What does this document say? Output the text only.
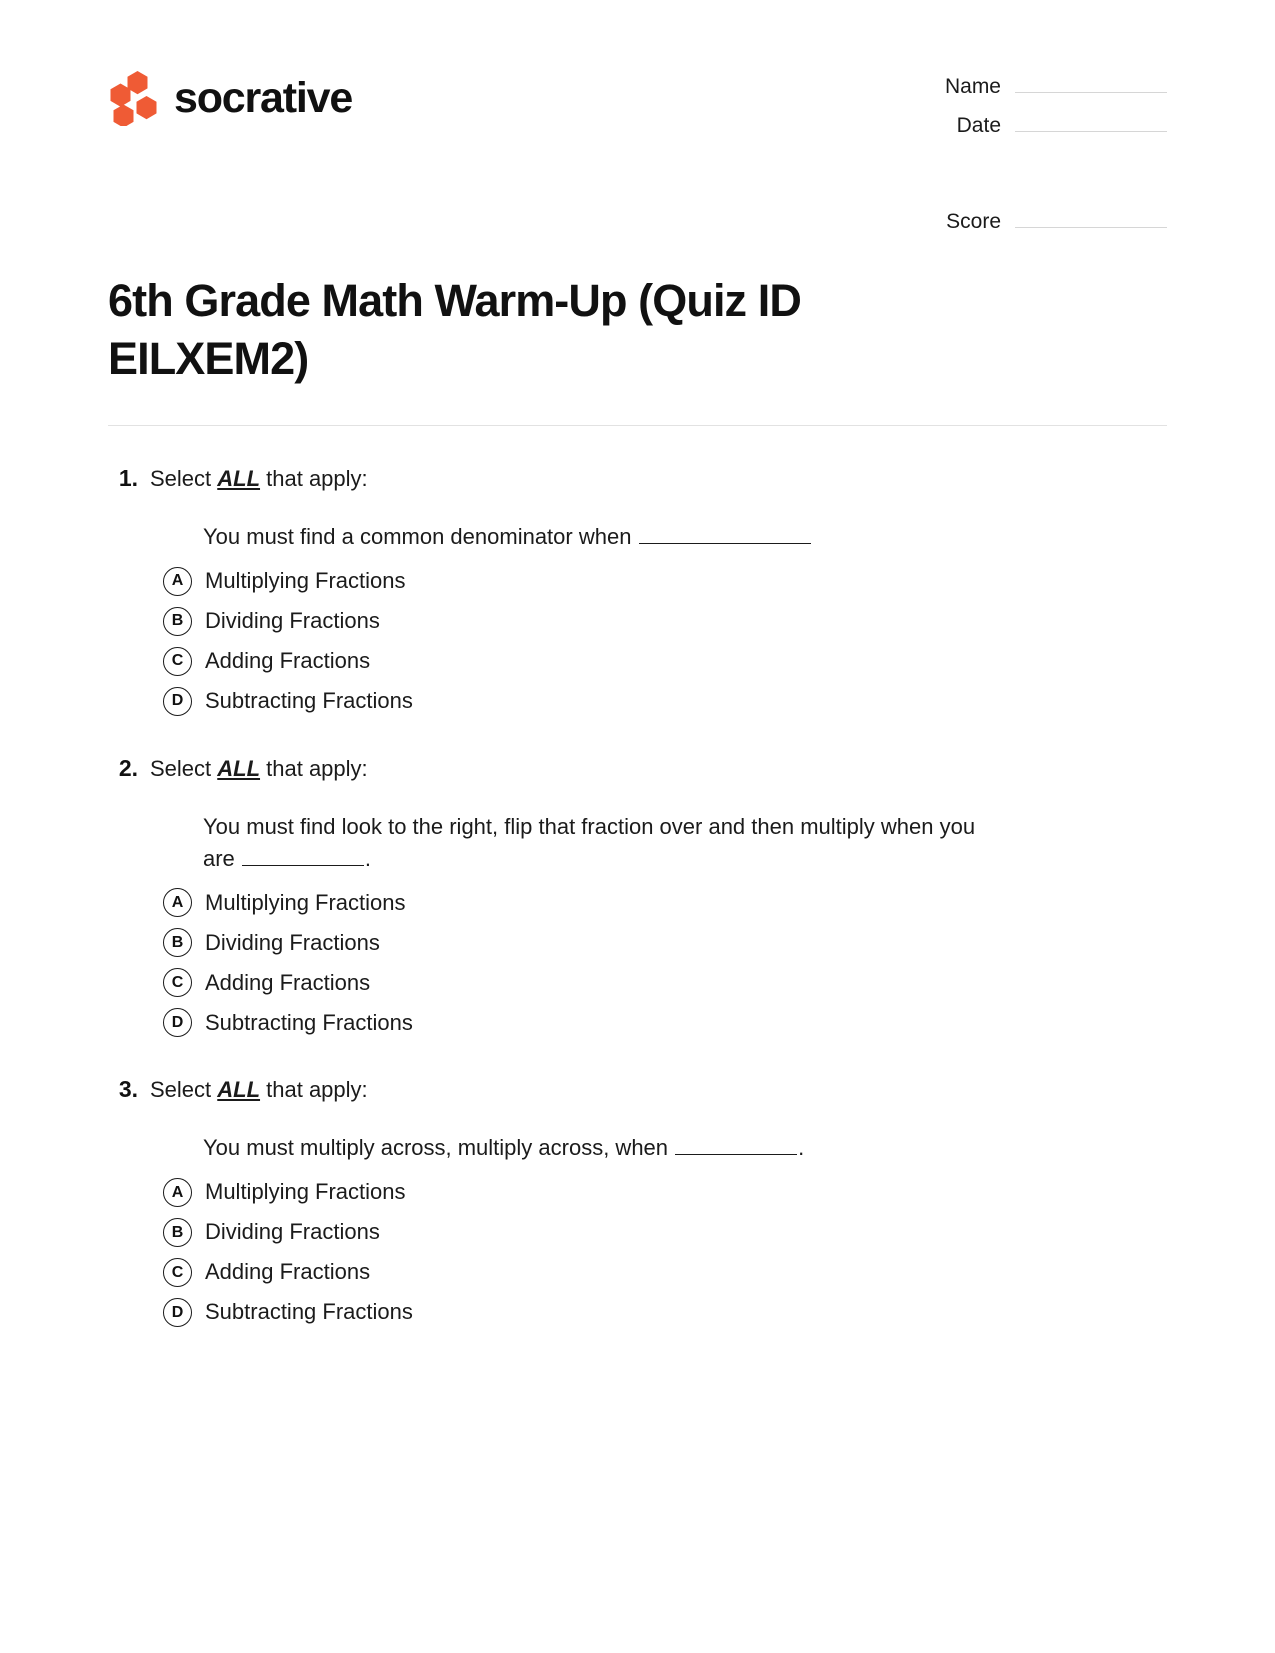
socrative	Name
Date
Score
6th Grade Math Warm-Up (Quiz ID EILXEM2)
1. Select ALL that apply:
You must find a common denominator when
A Multiplying Fractions
B Dividing Fractions
C Adding Fractions
D Subtracting Fractions
2. Select ALL that apply:
You must find look to the right, flip that fraction over and then multiply when you are	.
A Multiplying Fractions
B Dividing Fractions
C Adding Fractions
D Subtracting Fractions
3. Select ALL that apply:
You must multiply across, multiply across, when	.
A Multiplying Fractions
B Dividing Fractions
C Adding Fractions
D Subtracting Fractions
